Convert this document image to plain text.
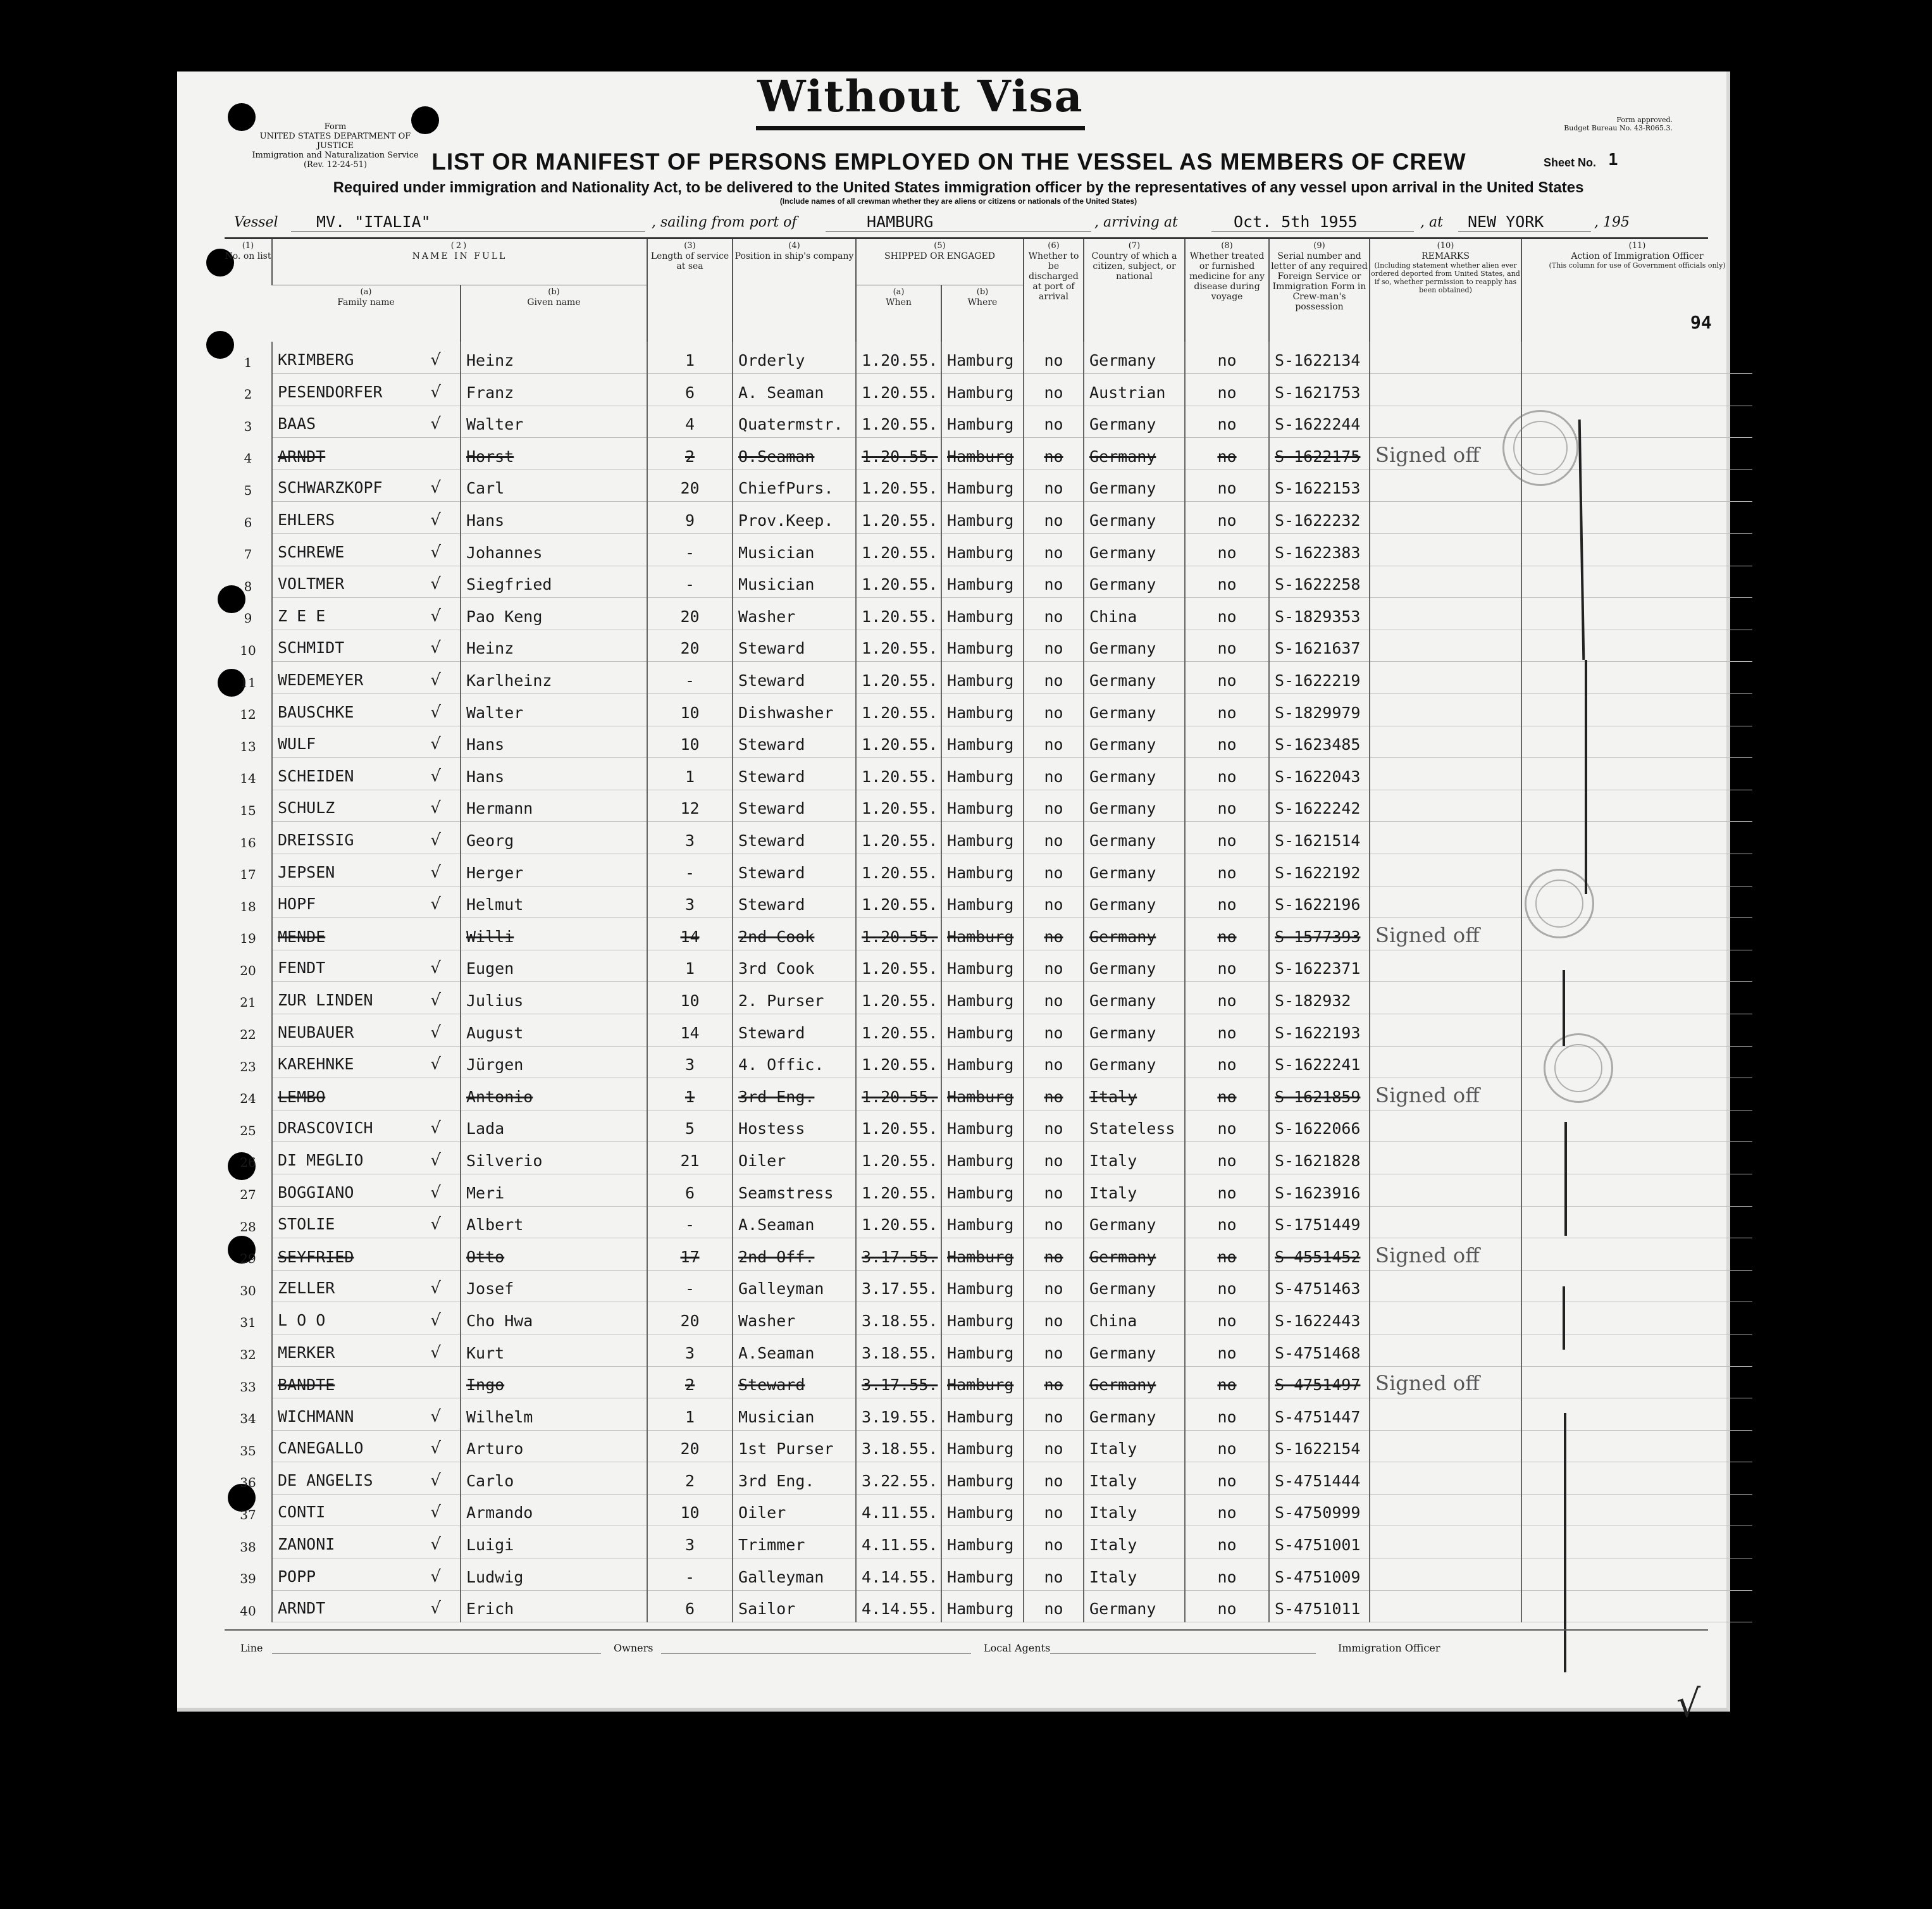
Form
UNITED STATES DEPARTMENT OF JUSTICE
Immigration and Naturalization Service
(Rev. 12-24-51)
Form approved.
Budget Bureau No. 43-R065.3.
Without Visa
LIST OR MANIFEST OF PERSONS EMPLOYED ON THE VESSEL AS MEMBERS OF CREW	Sheet No. 1
Required under immigration and Nationality Act, to be delivered to the United States immigration officer by the representatives of any vessel upon arrival in the United States
(Include names of all crewman whether they are aliens or citizens or nationals of the United States)
Vessel MV. "ITALIA"	, sailing from port of	HAMBURG	, arriving at	Oct. 5th 1955	, at NEW YORK	, 195
94
(1)
No. on list	(2)
NAME IN FULL		(3)
Length of service at sea	(4)
Position in ship's company	(5)
SHIPPED OR ENGAGED		(6)
Whether to be discharged at port of arrival	(7)
Country of which a citizen, subject, or national	(8)
Whether treated or furnished medicine for any disease during voyage	(9)
Serial number and letter of any required Foreign Service or Immigration Form in Crew-man's possession	(10)
REMARKS

(Including statement whether alien ever ordered deported from United States, and if so, whether permission to reapply has been obtained)	(11)
Action of Immigration Officer

(This column for use of Government officials only)

	(a)
Family name	(b)
Given name			(a)
When	(b)
Where						

1	KRIMBERG √	Heinz	1	Orderly	1.20.55.	Hamburg	no	Germany	no	S-1622134		
2	PESENDORFER √	Franz	6	A. Seaman	1.20.55.	Hamburg	no	Austrian	no	S-1621753		
3	BAAS √	Walter	4	Quatermstr.	1.20.55.	Hamburg	no	Germany	no	S-1622244		
4	ARNDT	Horst	2	O.Seaman	1.20.55.	Hamburg	no	Germany	no	S-1622175	Signed off	
5	SCHWARZKOPF √	Carl	20	ChiefPurs.	1.20.55.	Hamburg	no	Germany	no	S-1622153		
6	EHLERS √	Hans	9	Prov.Keep.	1.20.55.	Hamburg	no	Germany	no	S-1622232		
7	SCHREWE √	Johannes	-	Musician	1.20.55.	Hamburg	no	Germany	no	S-1622383		
8	VOLTMER √	Siegfried	-	Musician	1.20.55.	Hamburg	no	Germany	no	S-1622258		
9	Z E E √	Pao Keng	20	Washer	1.20.55.	Hamburg	no	China	no	S-1829353		
10	SCHMIDT √	Heinz	20	Steward	1.20.55.	Hamburg	no	Germany	no	S-1621637		
11	WEDEMEYER √	Karlheinz	-	Steward	1.20.55.	Hamburg	no	Germany	no	S-1622219		
12	BAUSCHKE √	Walter	10	Dishwasher	1.20.55.	Hamburg	no	Germany	no	S-1829979		
13	WULF √	Hans	10	Steward	1.20.55.	Hamburg	no	Germany	no	S-1623485		
14	SCHEIDEN √	Hans	1	Steward	1.20.55.	Hamburg	no	Germany	no	S-1622043		
15	SCHULZ √	Hermann	12	Steward	1.20.55.	Hamburg	no	Germany	no	S-1622242		
16	DREISSIG √	Georg	3	Steward	1.20.55.	Hamburg	no	Germany	no	S-1621514		
17	JEPSEN √	Herger	-	Steward	1.20.55.	Hamburg	no	Germany	no	S-1622192		
18	HOPF √	Helmut	3	Steward	1.20.55.	Hamburg	no	Germany	no	S-1622196		
19	MENDE	Willi	14	2nd Cook	1.20.55.	Hamburg	no	Germany	no	S-1577393	Signed off	
20	FENDT √	Eugen	1	3rd Cook	1.20.55.	Hamburg	no	Germany	no	S-1622371		
21	ZUR LINDEN √	Julius	10	2. Purser	1.20.55.	Hamburg	no	Germany	no	S-182932		
22	NEUBAUER √	August	14	Steward	1.20.55.	Hamburg	no	Germany	no	S-1622193		
23	KAREHNKE √	Jürgen	3	4. Offic.	1.20.55.	Hamburg	no	Germany	no	S-1622241		
24	LEMBO	Antonio	1	3rd Eng.	1.20.55.	Hamburg	no	Italy	no	S-1621859	Signed off	
25	DRASCOVICH √	Lada	5	Hostess	1.20.55.	Hamburg	no	Stateless	no	S-1622066		
26	DI MEGLIO √	Silverio	21	Oiler	1.20.55.	Hamburg	no	Italy	no	S-1621828		
27	BOGGIANO √	Meri	6	Seamstress	1.20.55.	Hamburg	no	Italy	no	S-1623916		
28	STOLIE √	Albert	-	A.Seaman	1.20.55.	Hamburg	no	Germany	no	S-1751449		
29	SEYFRIED	Otto	17	2nd Off.	3.17.55.	Hamburg	no	Germany	no	S-4551452	Signed off	
30	ZELLER √	Josef	-	Galleyman	3.17.55.	Hamburg	no	Germany	no	S-4751463		
31	L O O √	Cho Hwa	20	Washer	3.18.55.	Hamburg	no	China	no	S-1622443		
32	MERKER √	Kurt	3	A.Seaman	3.18.55.	Hamburg	no	Germany	no	S-4751468		
33	BANDTE	Ingo	2	Steward	3.17.55.	Hamburg	no	Germany	no	S-4751497	Signed off	
34	WICHMANN √	Wilhelm	1	Musician	3.19.55.	Hamburg	no	Germany	no	S-4751447		
35	CANEGALLO √	Arturo	20	1st Purser	3.18.55.	Hamburg	no	Italy	no	S-1622154		
36	DE ANGELIS √	Carlo	2	3rd Eng.	3.22.55.	Hamburg	no	Italy	no	S-4751444		
37	CONTI √	Armando	10	Oiler	4.11.55.	Hamburg	no	Italy	no	S-4750999		
38	ZANONI √	Luigi	3	Trimmer	4.11.55.	Hamburg	no	Italy	no	S-4751001		
39	POPP √	Ludwig	-	Galleyman	4.14.55.	Hamburg	no	Italy	no	S-4751009		
40	ARNDT √	Erich	6	Sailor	4.14.55.	Hamburg	no	Germany	no	S-4751011		
Line	Owners	Local Agents	Immigration Officer
√
